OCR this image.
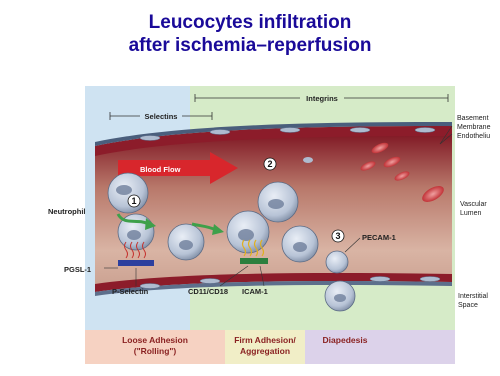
Leucocytes infiltration
after ischemia–reperfusion
Selectins
Integrins
Blood Flow
1
2
3
Neutrophil
PGSL-1
P-Selectin	CD11/CD18 ICAM-1
PECAM-1
Basement
Membrane
Endotheliu
Vascular
Lumen
Interstitial
Space
Loose Adhesion
("Rolling")
Firm Adhesion/
Aggregation
Diapedesis
